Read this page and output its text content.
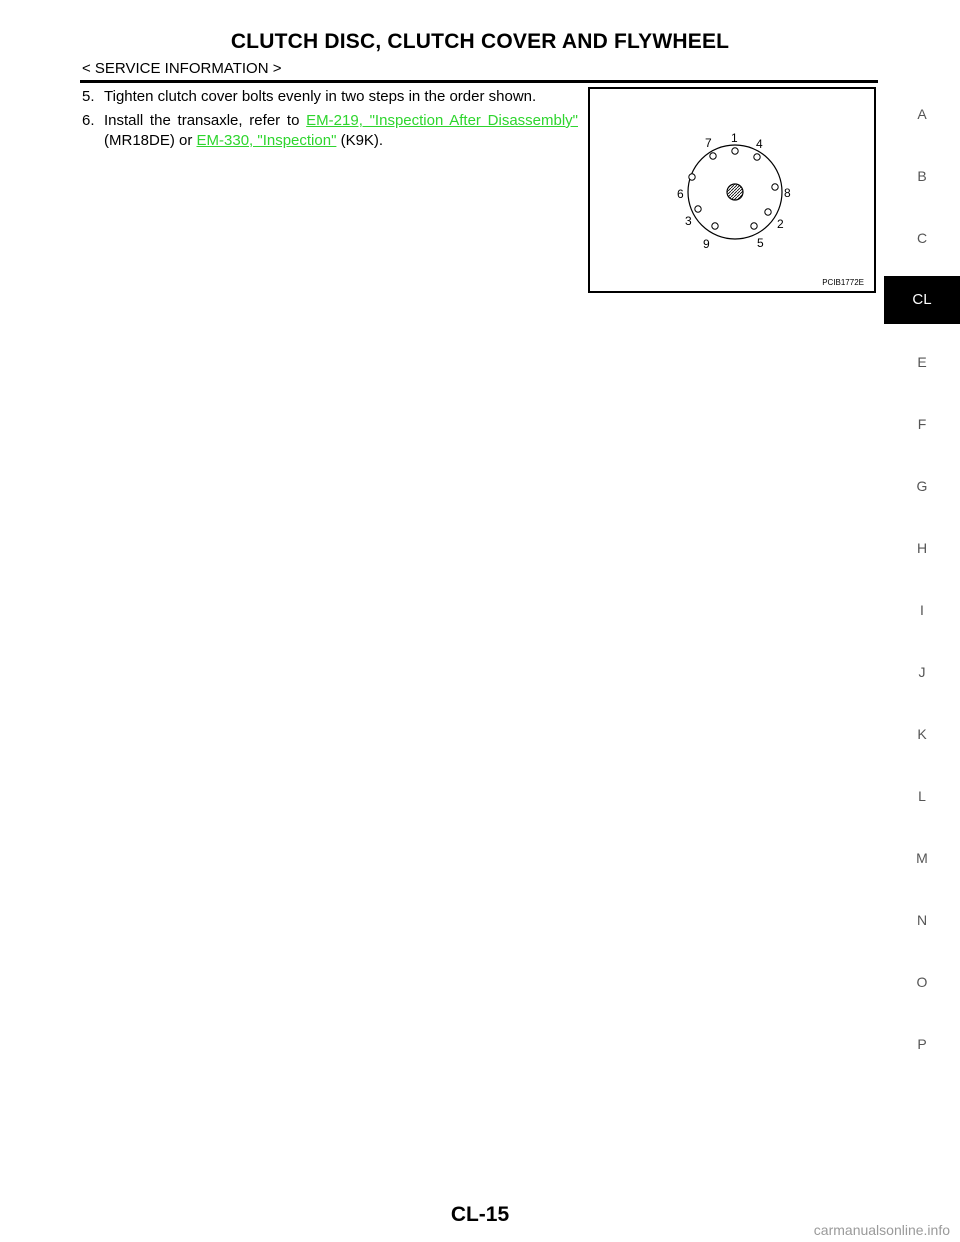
CLUTCH DISC, CLUTCH COVER AND FLYWHEEL
< SERVICE INFORMATION >
5. Tighten clutch cover bolts evenly in two steps in the order shown.
6. Install the transaxle, refer to EM-219, "Inspection After Disassembly" (MR18DE) or EM-330, "Inspection" (K9K).	1
2
3
4
5
6
7
8
9
PCIB1772E
A
B
C
CL
E
F
G
H
I
J
K
L
M
N
O
P
CL-15
carmanualsonline.info
